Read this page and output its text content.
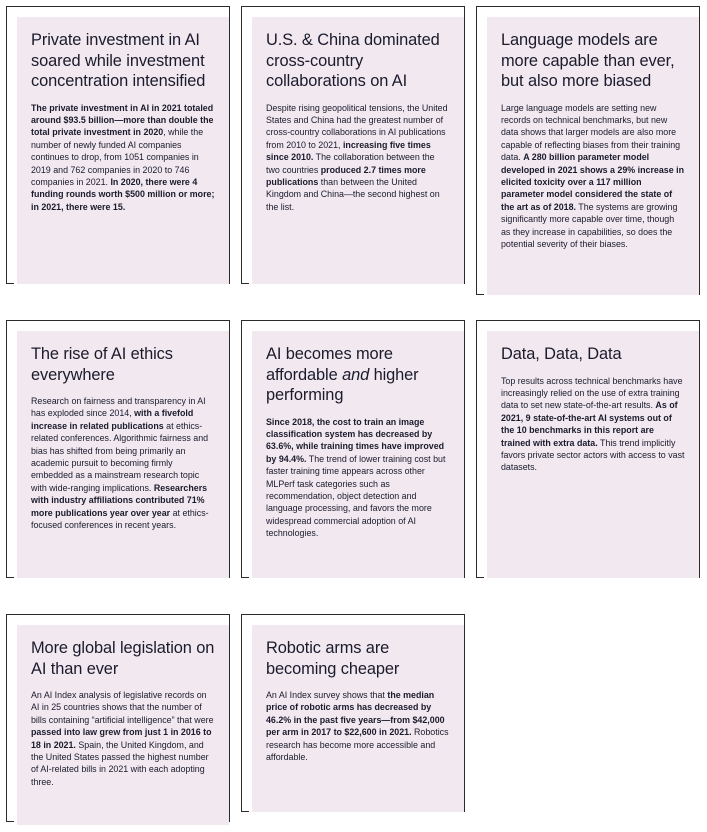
Private investment in AI soared while investment concentration intensified

The private investment in AI in 2021 totaled around $93.5 billion—more than double the total private investment in 2020, while the number of newly funded AI companies continues to drop, from 1051 companies in 2019 and 762 companies in 2020 to 746 companies in 2021. In 2020, there were 4 funding rounds worth $500 million or more; in 2021, there were 15.

U.S. & China dominated cross-country collaborations on AI

Despite rising geopolitical tensions, the United States and China had the greatest number of cross-country collaborations in AI publications from 2010 to 2021, increasing five times since 2010. The collaboration between the two countries produced 2.7 times more publications than between the United Kingdom and China—the second highest on the list.

Language models are more capable than ever, but also more biased

Large language models are setting new records on technical benchmarks, but new data shows that larger models are also more capable of reflecting biases from their training data. A 280 billion parameter model developed in 2021 shows a 29% increase in elicited toxicity over a 117 million parameter model considered the state of the art as of 2018. The systems are growing significantly more capable over time, though as they increase in capabilities, so does the potential severity of their biases.

The rise of AI ethics everywhere

Research on fairness and transparency in AI has exploded since 2014, with a fivefold increase in related publications at ethics-related conferences. Algorithmic fairness and bias has shifted from being primarily an academic pursuit to becoming firmly embedded as a mainstream research topic with wide-ranging implications. Researchers with industry affiliations contributed 71% more publications year over year at ethics-focused conferences in recent years.

AI becomes more affordable and higher performing

Since 2018, the cost to train an image classification system has decreased by 63.6%, while training times have improved by 94.4%. The trend of lower training cost but faster training time appears across other MLPerf task categories such as recommendation, object detection and language processing, and favors the more widespread commercial adoption of AI technologies.

Data, Data, Data

Top results across technical benchmarks have increasingly relied on the use of extra training data to set new state-of-the-art results. As of 2021, 9 state-of-the-art AI systems out of the 10 benchmarks in this report are trained with extra data. This trend implicitly favors private sector actors with access to vast datasets.

More global legislation on AI than ever

An AI Index analysis of legislative records on AI in 25 countries shows that the number of bills containing “artificial intelligence” that were passed into law grew from just 1 in 2016 to 18 in 2021. Spain, the United Kingdom, and the United States passed the highest number of AI-related bills in 2021 with each adopting three.

Robotic arms are becoming cheaper

An AI Index survey shows that the median price of robotic arms has decreased by 46.2% in the past five years—from $42,000 per arm in 2017 to $22,600 in 2021. Robotics research has become more accessible and affordable.
